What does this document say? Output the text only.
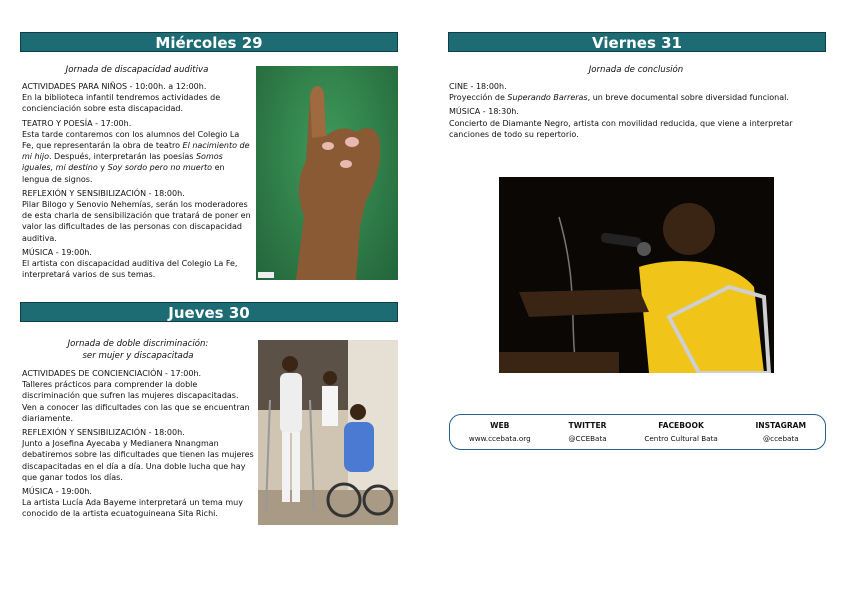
Miércoles 29

Jornada de discapacidad auditiva

ACTIVIDADES PARA NIÑOS - 10:00h. a 12:00h.
En la biblioteca infantil tendremos actividades de concienciación sobre esta discapacidad.

TEATRO Y POESÍA - 17:00h.
Esta tarde contaremos con los alumnos del Colegio La Fe, que representarán la obra de teatro El nacimiento de mi hijo. Después, interpretarán las poesías Somos iguales, mi destino y Soy sordo pero no muerto en lengua de signos.

REFLEXIÓN Y SENSIBILIZACIÓN - 18:00h.
Pilar Bilogo y Senovio Nehemías, serán los moderadores de esta charla de sensibilización que tratará de poner en valor las dificultades de las personas con discapacidad auditiva.

MÚSICA - 19:00h.
El artista con discapacidad auditiva del Colegio La Fe, interpretará varios de sus temas.

Jueves 30

Jornada de doble discriminación:
ser mujer y discapacitada

ACTIVIDADES DE CONCIENCIACIÓN - 17:00h.
Talleres prácticos para comprender la doble discriminación que sufren las mujeres discapacitadas. Ven a conocer las dificultades con las que se encuentran diariamente.

REFLEXIÓN Y SENSIBILIZACIÓN - 18:00h.
Junto a Josefina Ayecaba y Medianera Nnangman debatiremos sobre las dificultades que tienen las mujeres discapacitadas en el día a día. Una doble lucha que hay que ganar todos los días.

MÚSICA - 19:00h.
La artista Lucía Ada Bayeme interpretará un tema muy conocido de la artista ecuatoguineana Sita Richi.

Viernes 31

Jornada de conclusión

CINE - 18:00h.
Proyección de Superando Barreras, un breve documental sobre diversidad funcional.

MÚSICA - 18:30h.
Concierto de Diamante Negro, artista con movilidad reducida, que viene a interpretar canciones de todo su repertorio.

WEB
www.ccebata.org
TWITTER
@CCEBata
FACEBOOK
Centro Cultural Bata
INSTAGRAM
@ccebata
